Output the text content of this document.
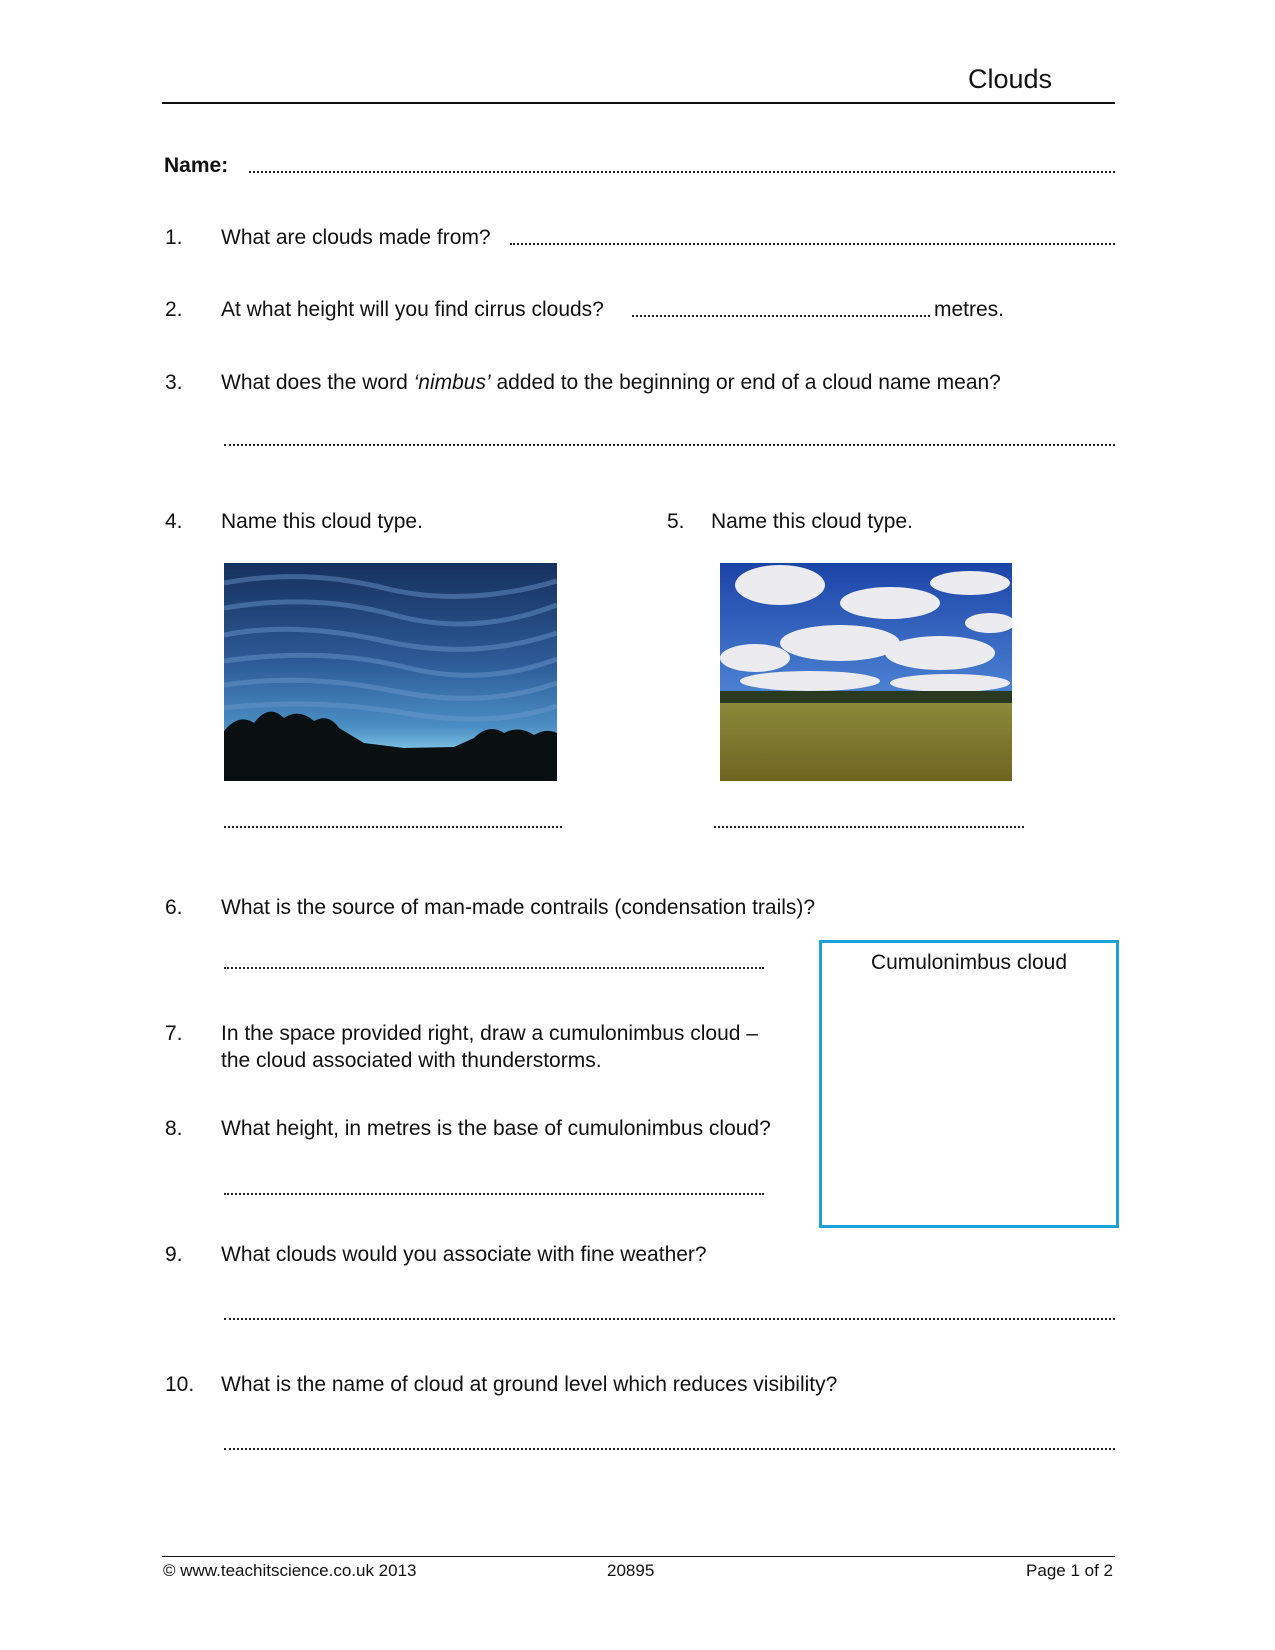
Clouds
Name:
1. What are clouds made from?
2. At what height will you find cirrus clouds?	metres.
3. What does the word ‘nimbus’ added to the beginning or end of a cloud name mean?
4. Name this cloud type.	5. Name this cloud type.
6. What is the source of man-made contrails (condensation trails)?
Cumulonimbus cloud
7. In the space provided right, draw a cumulonimbus cloud –
the cloud associated with thunderstorms.
8. What height, in metres is the base of cumulonimbus cloud?
9. What clouds would you associate with fine weather?
10. What is the name of cloud at ground level which reduces visibility?
© www.teachitscience.co.uk 2013	20895	Page 1 of 2
